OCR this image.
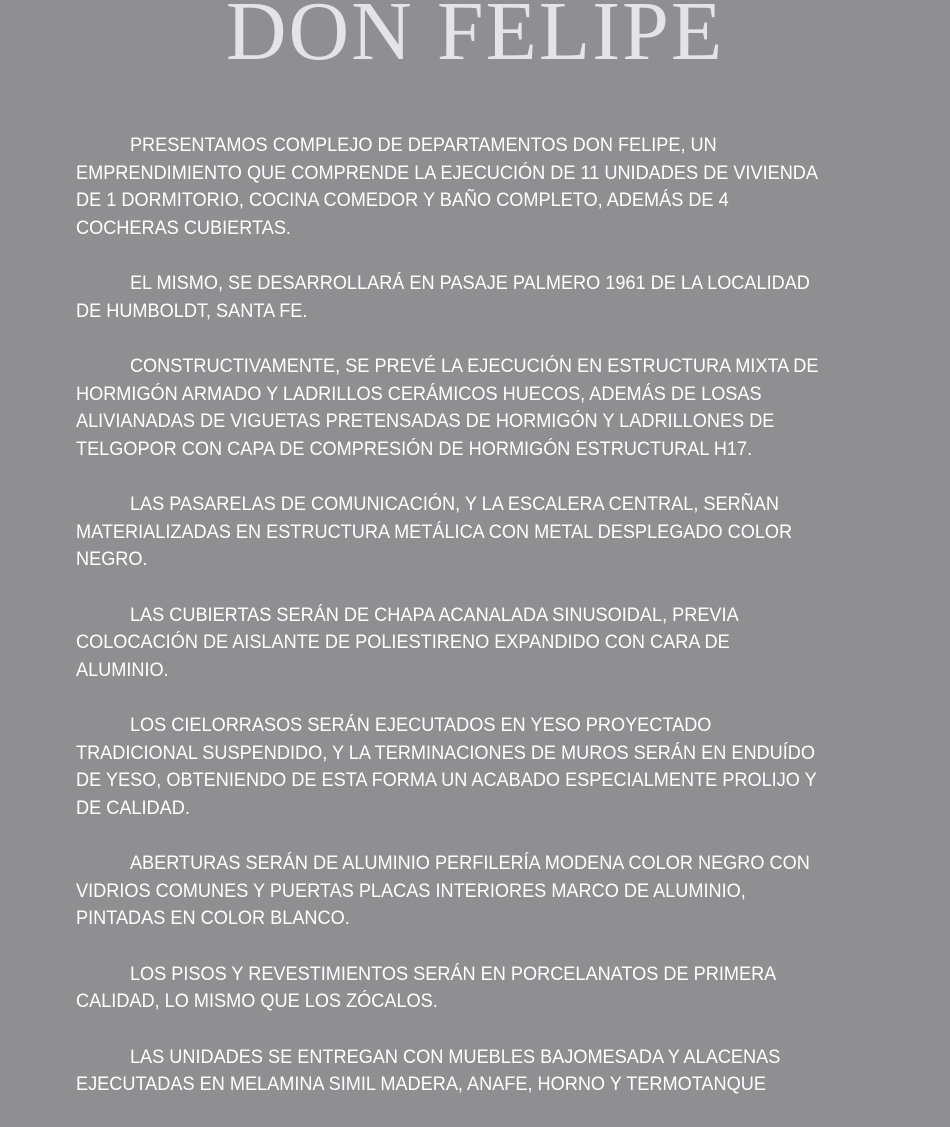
DON FELIPE

PRESENTAMOS COMPLEJO DE DEPARTAMENTOS DON FELIPE, UN EMPRENDIMIENTO QUE COMPRENDE LA EJECUCIÓN DE 11 UNIDADES DE VIVIENDA DE 1 DORMITORIO, COCINA COMEDOR Y BAÑO COMPLETO, ADEMÁS DE 4 COCHERAS CUBIERTAS.

EL MISMO, SE DESARROLLARÁ EN PASAJE PALMERO 1961 DE LA LOCALIDAD DE HUMBOLDT, SANTA FE.

CONSTRUCTIVAMENTE, SE PREVÉ LA EJECUCIÓN EN ESTRUCTURA MIXTA DE HORMIGÓN ARMADO Y LADRILLOS CERÁMICOS HUECOS, ADEMÁS DE LOSAS ALIVIANADAS DE VIGUETAS PRETENSADAS DE HORMIGÓN Y LADRILLONES DE TELGOPOR CON CAPA DE COMPRESIÓN DE HORMIGÓN ESTRUCTURAL H17.

LAS PASARELAS DE COMUNICACIÓN, Y LA ESCALERA CENTRAL, SERÑAN MATERIALIZADAS EN ESTRUCTURA METÁLICA CON METAL DESPLEGADO COLOR NEGRO.

LAS CUBIERTAS SERÁN DE CHAPA ACANALADA SINUSOIDAL, PREVIA COLOCACIÓN DE AISLANTE DE POLIESTIRENO EXPANDIDO CON CARA DE ALUMINIO.

LOS CIELORRASOS SERÁN EJECUTADOS EN YESO PROYECTADO TRADICIONAL SUSPENDIDO, Y LA TERMINACIONES DE MUROS SERÁN EN ENDUÍDO DE YESO, OBTENIENDO DE ESTA FORMA UN ACABADO ESPECIALMENTE PROLIJO Y DE CALIDAD.

ABERTURAS SERÁN DE ALUMINIO PERFILERÍA MODENA COLOR NEGRO CON VIDRIOS COMUNES Y PUERTAS PLACAS INTERIORES MARCO DE ALUMINIO, PINTADAS EN COLOR BLANCO.

LOS PISOS Y REVESTIMIENTOS SERÁN EN PORCELANATOS DE PRIMERA CALIDAD, LO MISMO QUE LOS ZÓCALOS.

LAS UNIDADES SE ENTREGAN CON MUEBLES BAJOMESADA Y ALACENAS EJECUTADAS EN MELAMINA SIMIL MADERA, ANAFE, HORNO Y TERMOTANQUE
